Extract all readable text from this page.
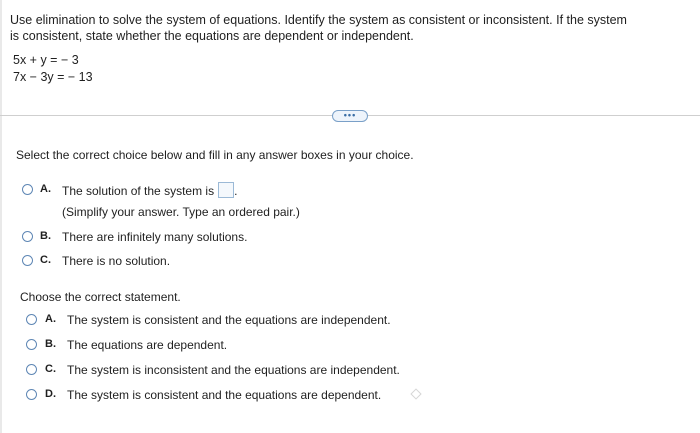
Use elimination to solve the system of equations. Identify the system as consistent or inconsistent. If the system
is consistent, state whether the equations are dependent or independent.
5x + y = − 3
7x − 3y = − 13
•••
Select the correct choice below and fill in any answer boxes in your choice.
A. The solution of the system is .
(Simplify your answer. Type an ordered pair.)
B. There are infinitely many solutions.
C. There is no solution.
Choose the correct statement.
A. The system is consistent and the equations are independent.
B. The equations are dependent.
C. The system is inconsistent and the equations are independent.
D. The system is consistent and the equations are dependent.
